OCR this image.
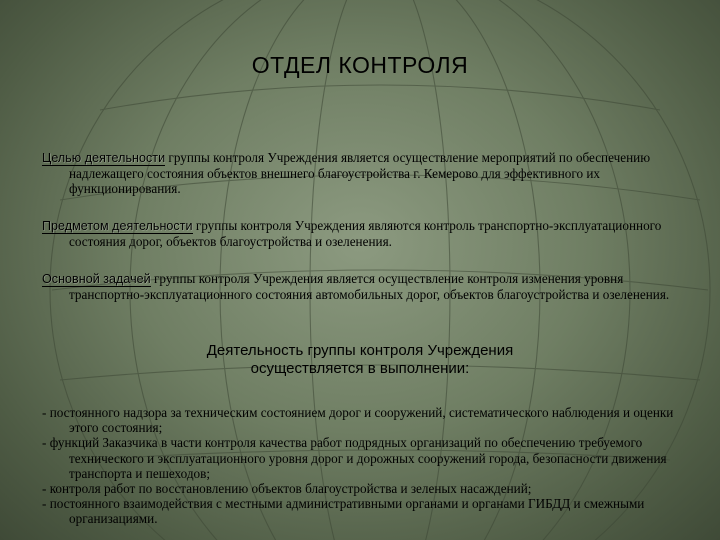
ОТДЕЛ КОНТРОЛЯ
Целью деятельности группы контроля Учреждения является осуществление мероприятий по обеспечению надлежащего состояния объектов внешнего благоустройства г. Кемерово для эффективного их функционирования.
Предметом деятельности группы контроля Учреждения являются контроль транспортно-эксплуатационного состояния дорог, объектов благоустройства и озеленения.
Основной задачей группы контроля Учреждения является осуществление контроля изменения уровня транспортно-эксплуатационного состояния автомобильных дорог, объектов благоустройства и озеленения.
Деятельность группы контроля Учреждения
осуществляется в выполнении:
- постоянного надзора за техническим состоянием дорог и сооружений, систематического наблюдения и оценки этого состояния;
- функций Заказчика в части контроля качества работ подрядных организаций по обеспечению требуемого технического и эксплуатационного уровня дорог и дорожных сооружений города, безопасности движения транспорта и пешеходов;
- контроля работ по восстановлению объектов благоустройства и зеленых насаждений;
- постоянного взаимодействия с местными административными органами и органами ГИБДД и смежными организациями.
